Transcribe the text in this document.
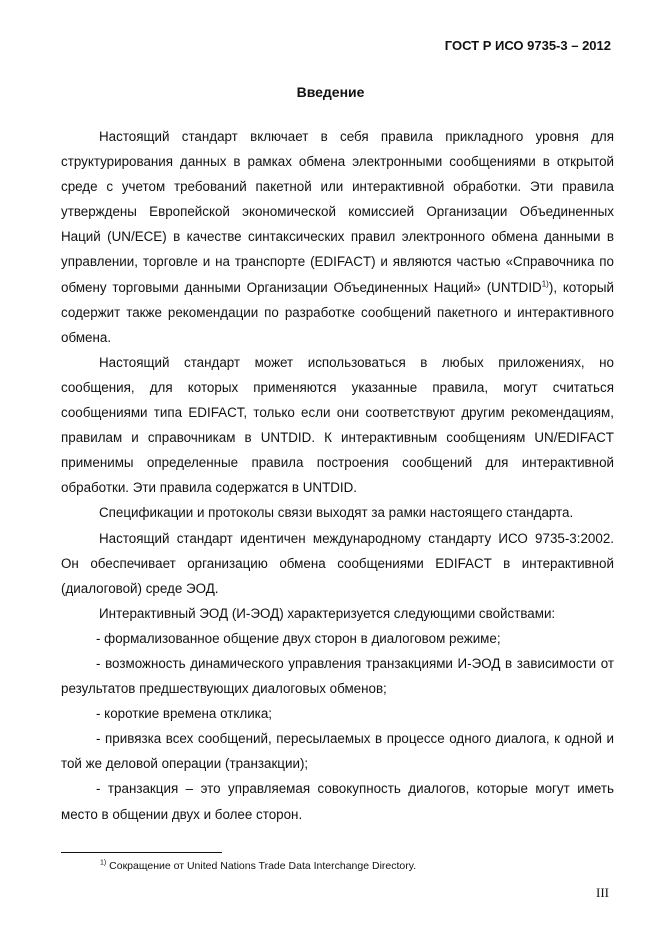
ГОСТ Р ИСО 9735-3 – 2012
Введение

Настоящий стандарт включает в себя правила прикладного уровня для структурирования данных в рамках обмена электронными сообщениями в открытой среде с учетом требований пакетной или интерактивной обработки. Эти правила утверждены Европейской экономической комиссией Организации Объединенных Наций (UN/ECE) в качестве синтаксических правил электронного обмена данными в управлении, торговле и на транспорте (EDIFACT) и являются частью «Справочника по обмену торговыми данными Организации Объединенных Наций» (UNTDID$^{1)}$), который содержит также рекомендации по разработке сообщений пакетного и интерактивного обмена.

Настоящий стандарт может использоваться в любых приложениях, но сообщения, для которых применяются указанные правила, могут считаться сообщениями типа EDIFACT, только если они соответствуют другим рекомендациям, правилам и справочникам в UNTDID. К интерактивным сообщениям UN/EDIFACT применимы определенные правила построения сообщений для интерактивной обработки. Эти правила содержатся в UNTDID.

Спецификации и протоколы связи выходят за рамки настоящего стандарта.

Настоящий стандарт идентичен международному стандарту ИСО 9735-3:2002. Он обеспечивает организацию обмена сообщениями EDIFACT в интерактивной (диалоговой) среде ЭОД.

Интерактивный ЭОД (И-ЭОД) характеризуется следующими свойствами:

- формализованное общение двух сторон в диалоговом режиме;

- возможность динамического управления транзакциями И-ЭОД в зависимости от результатов предшествующих диалоговых обменов;

- короткие времена отклика;

- привязка всех сообщений, пересылаемых в процессе одного диалога, к одной и той же деловой операции (транзакции);

- транзакция – это управляемая совокупность диалогов, которые могут иметь место в общении двух и более сторон.

$^{1)}$ Сокращение от United Nations Trade Data Interchange Directory.
III
